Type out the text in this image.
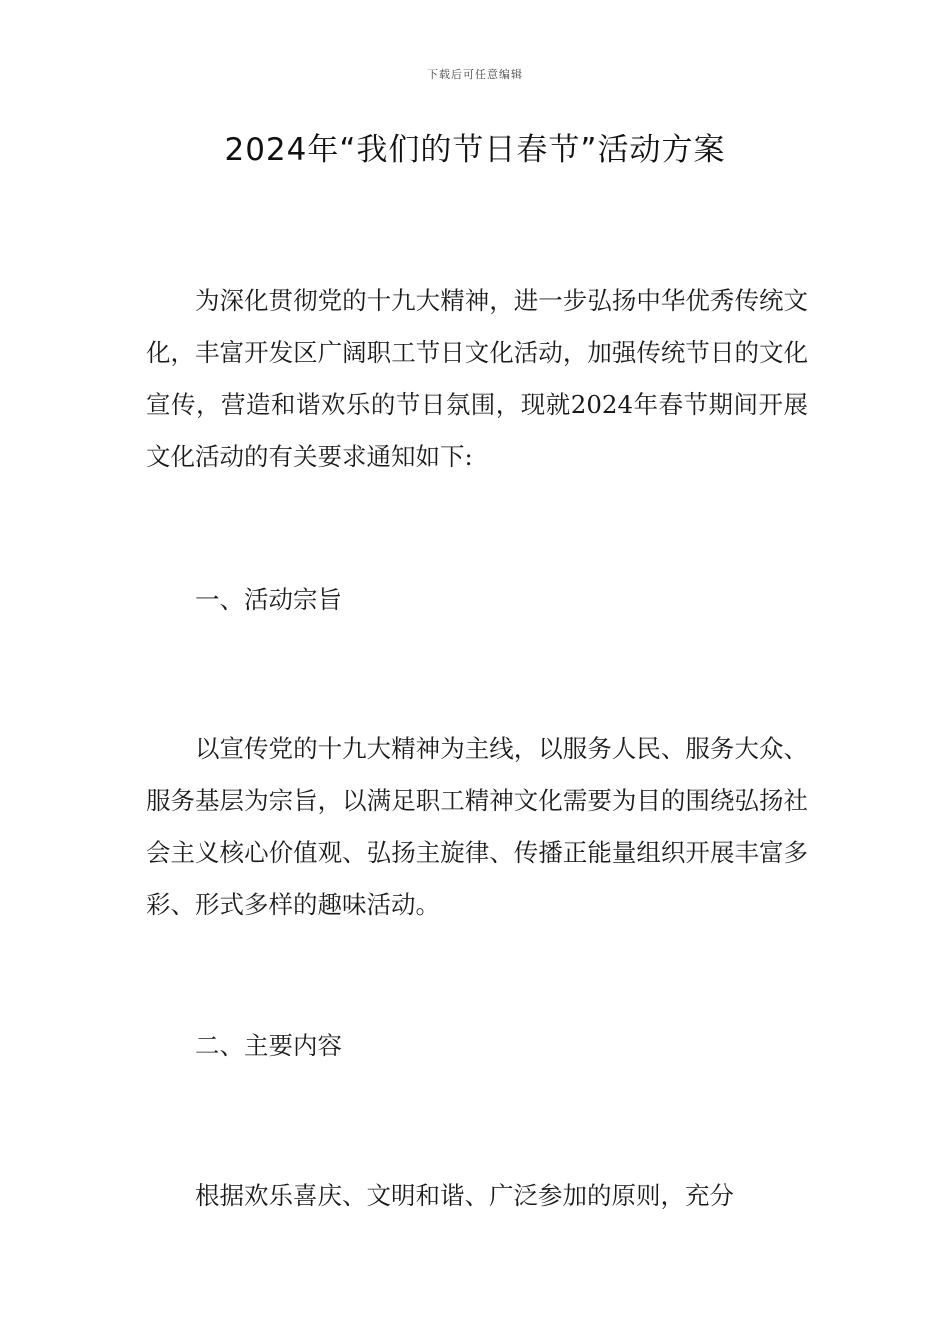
下载后可任意编辑
2024年“我们的节日春节”活动方案

为深化贯彻党的十九大精神，进一步弘扬中华优秀传统文化，丰富开发区广阔职工节日文化活动，加强传统节日的文化宣传，营造和谐欢乐的节日氛围，现就2024年春节期间开展文化活动的有关要求通知如下:

一、活动宗旨

以宣传党的十九大精神为主线，以服务人民、服务大众、服务基层为宗旨，以满足职工精神文化需要为目的围绕弘扬社会主义核心价值观、弘扬主旋律、传播正能量组织开展丰富多彩、形式多样的趣味活动。

二、主要内容

根据欢乐喜庆、文明和谐、广泛参加的原则，充分
